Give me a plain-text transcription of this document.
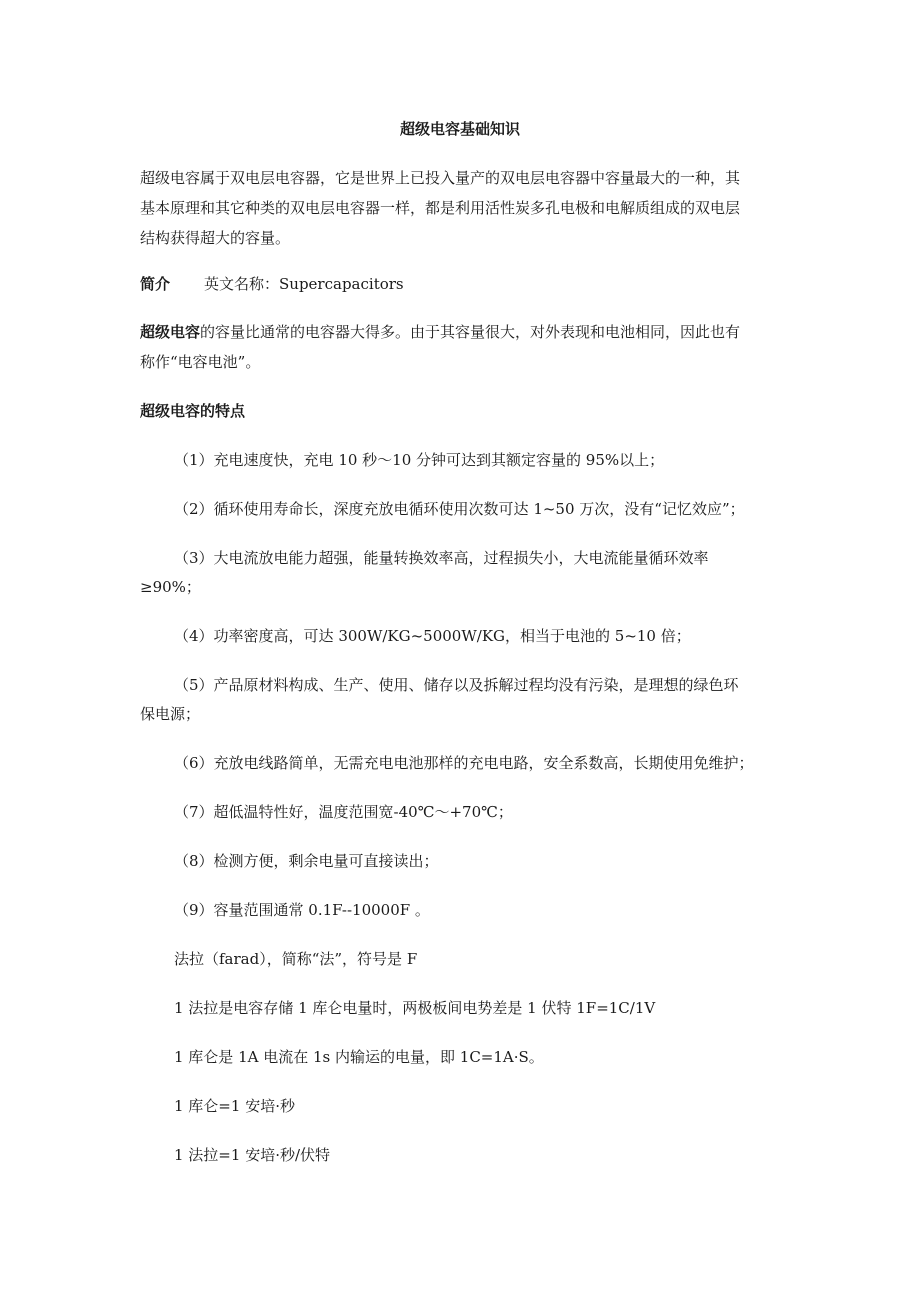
超级电容基础知识
超级电容属于双电层电容器，它是世界上已投入量产的双电层电容器中容量最大的一种，其
基本原理和其它种类的双电层电容器一样，都是利用活性炭多孔电极和电解质组成的双电层
结构获得超大的容量。
简介 英文名称：Supercapacitors
超级电容的容量比通常的电容器大得多。由于其容量很大，对外表现和电池相同，因此也有
称作“电容电池”。
超级电容的特点
（1）充电速度快，充电 10 秒～10 分钟可达到其额定容量的 95%以上；
（2）循环使用寿命长，深度充放电循环使用次数可达 1~50 万次，没有“记忆效应”；
（3）大电流放电能力超强，能量转换效率高，过程损失小，大电流能量循环效率
≥90%；
（4）功率密度高，可达 300W/KG~5000W/KG，相当于电池的 5~10 倍；
（5）产品原材料构成、生产、使用、储存以及拆解过程均没有污染，是理想的绿色环
保电源；
（6）充放电线路简单，无需充电电池那样的充电电路，安全系数高，长期使用免维护；
（7）超低温特性好，温度范围宽-40℃～+70℃；
（8）检测方便，剩余电量可直接读出；
（9）容量范围通常 0.1F--10000F 。
法拉（farad），简称“法”，符号是 F
1 法拉是电容存储 1 库仑电量时，两极板间电势差是 1 伏特 1F=1C/1V
1 库仑是 1A 电流在 1s 内输运的电量，即 1C=1A·S。
1 库仑=1 安培·秒
1 法拉=1 安培·秒/伏特
